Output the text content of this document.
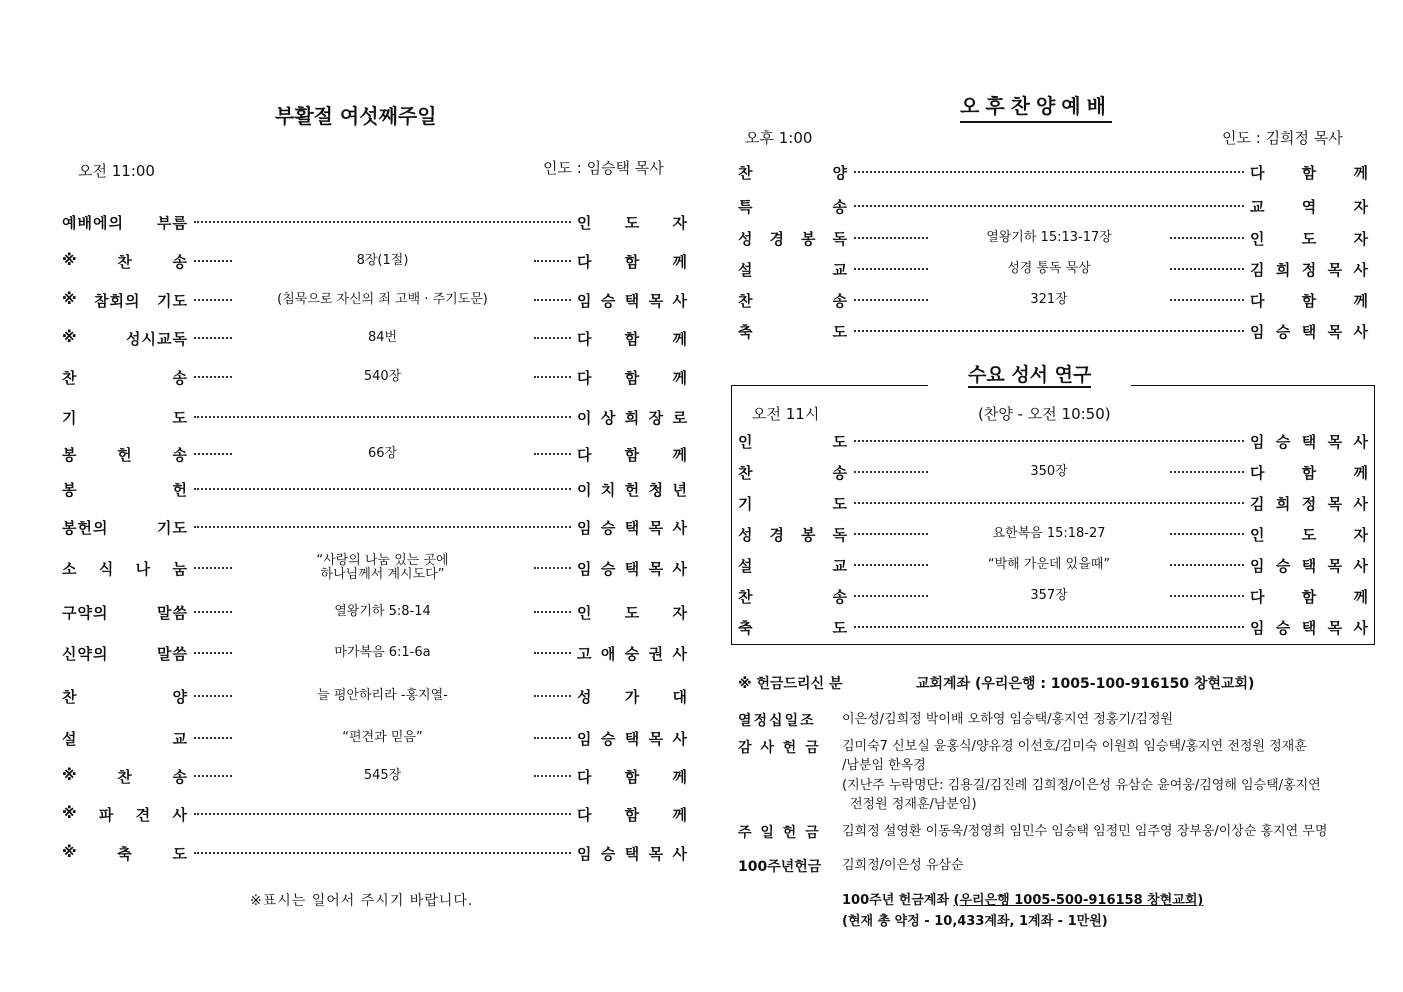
부활절 여섯째주일
오전 11:00	인도 : 임승택 목사
예배에의 부름	인 도 자
※	찬	송	8장(1절)	다 함 께
※ 참회의 기도	(침묵으로 자신의 죄 고백 · 주기도문)	임 승 택 목 사
※	성시교독	84번	다 함 께
찬	송	540장	다 함 께
기	도	이 상 희 장 로
봉	헌	송	66장	다 함 께
봉	헌	이 치 헌 청 년
봉헌의	기도	임 승 택 목 사
소 식 나 눔	“사랑의 나눔 있는 곳에
하나님께서 계시도다”	임 승 택 목 사
구약의	말씀	열왕기하 5:8-14	인 도 자
신약의	말씀	마가복음 6:1-6a	고 애 숭 권 사
찬	양	늘 평안하리라 -홍지열-	성 가 대
설	교	“편견과 믿음”	임 승 택 목 사
※	찬	송	545장	다 함 께
※ 파 견 사	다 함 께
※	축	도	임 승 택 목 사
※표시는 일어서 주시기 바랍니다.
오후찬양예배
오후 1:00	인도 : 김희정 목사
찬	양	다 함 께
특	송	교 역 자
성 경 봉 독	열왕기하 15:13-17장	인 도 자
설	교	성경 통독 묵상	김 희 정 목 사
찬	송	321장	다 함 께
축	도	임 승 택 목 사
수요 성서 연구
오전 11시	(찬양 - 오전 10:50)
인	도	임 승 택 목 사
찬	송	350장	다 함 께
기	도	김 희 정 목 사
성 경 봉 독	요한복음 15:18-27	인 도 자
설	교	“박해 가운데 있을때”	임 승 택 목 사
찬	송	357장	다 함 께
축	도	임 승 택 목 사
※ 헌금드리신 분	교회계좌 (우리은행 : 1005-100-916150 창현교회)
열정십일조 이은성/김희정 박이배 오하영 임승택/홍지연 정홍기/김정원
감 사 헌 금 김미숙7 신보실 윤홍식/양유경 이선호/김미숙 이원희 임승택/홍지연 전정원 정재훈
/남분임 한옥경
(지난주 누락명단: 김용길/김진례 김희정/이은성 유삼순 윤여웅/김영해 임승택/홍지연
전정원 정재훈/남분임)
주 일 헌 금 김희정 설영환 이동욱/정영희 임민수 임승택 임정민 임주영 장부웅/이상순 홍지연 무명
100주년헌금 김희정/이은성 유삼순
100주년 헌금계좌 (우리은행 1005-500-916158 창현교회)
(현재 총 약정 - 10,433계좌, 1계좌 - 1만원)
